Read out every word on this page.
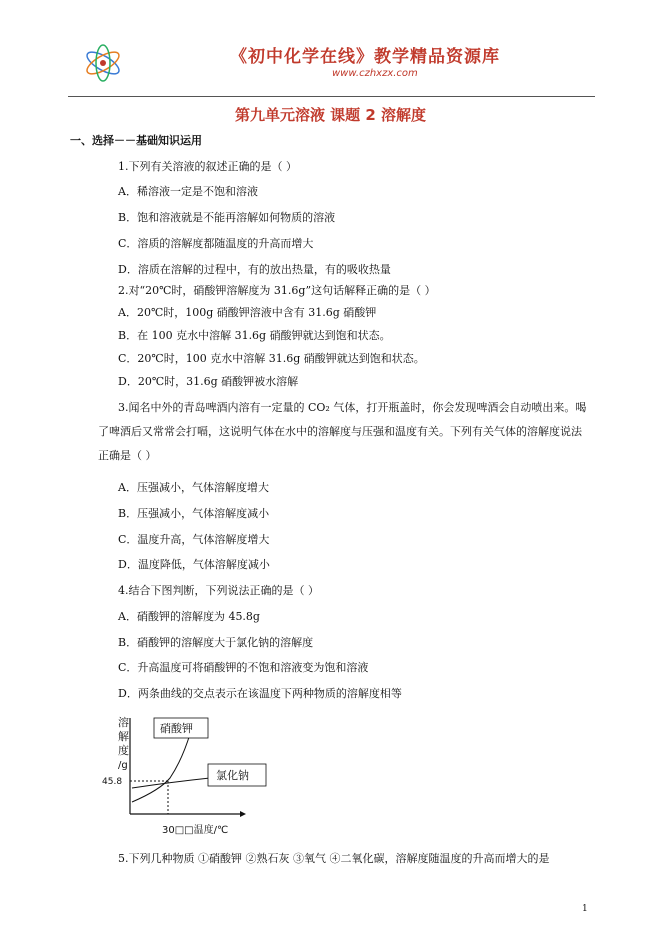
《初中化学在线》教学精品资源库
www.czhxzx.com
第九单元溶液 课题 2 溶解度
一、选择－－基础知识运用
1.下列有关溶液的叙述正确的是（ ）
A．稀溶液一定是不饱和溶液
B．饱和溶液就是不能再溶解如何物质的溶液
C．溶质的溶解度都随温度的升高而增大
D．溶质在溶解的过程中，有的放出热量，有的吸收热量
2.对“20℃时，硝酸钾溶解度为 31.6g”这句话解释正确的是（ ）
A．20℃时，100g 硝酸钾溶液中含有 31.6g 硝酸钾
B．在 100 克水中溶解 31.6g 硝酸钾就达到饱和状态。
C．20℃时，100 克水中溶解 31.6g 硝酸钾就达到饱和状态。
D．20℃时，31.6g 硝酸钾被水溶解
3.闻名中外的青岛啤酒内溶有一定量的 CO₂ 气体，打开瓶盖时，你会发现啤酒会自动喷出来。喝了啤酒后又常常会打嗝，这说明气体在水中的溶解度与压强和温度有关。下列有关气体的溶解度说法正确是（ ）
A．压强减小，气体溶解度增大
B．压强减小，气体溶解度减小
C．温度升高，气体溶解度增大
D．温度降低，气体溶解度减小
4.结合下图判断，下列说法正确的是（ ）
A．硝酸钾的溶解度为 45.8g
B．硝酸钾的溶解度大于氯化钠的溶解度
C．升高温度可将硝酸钾的不饱和溶液变为饱和溶液
D．两条曲线的交点表示在该温度下两种物质的溶解度相等
溶
解
度
/g
45.8
硝酸钾
氯化钠
30□□温度/℃
5.下列几种物质 ①硝酸钾 ②熟石灰 ③氧气 ④二氧化碳，溶解度随温度的升高而增大的是
1
